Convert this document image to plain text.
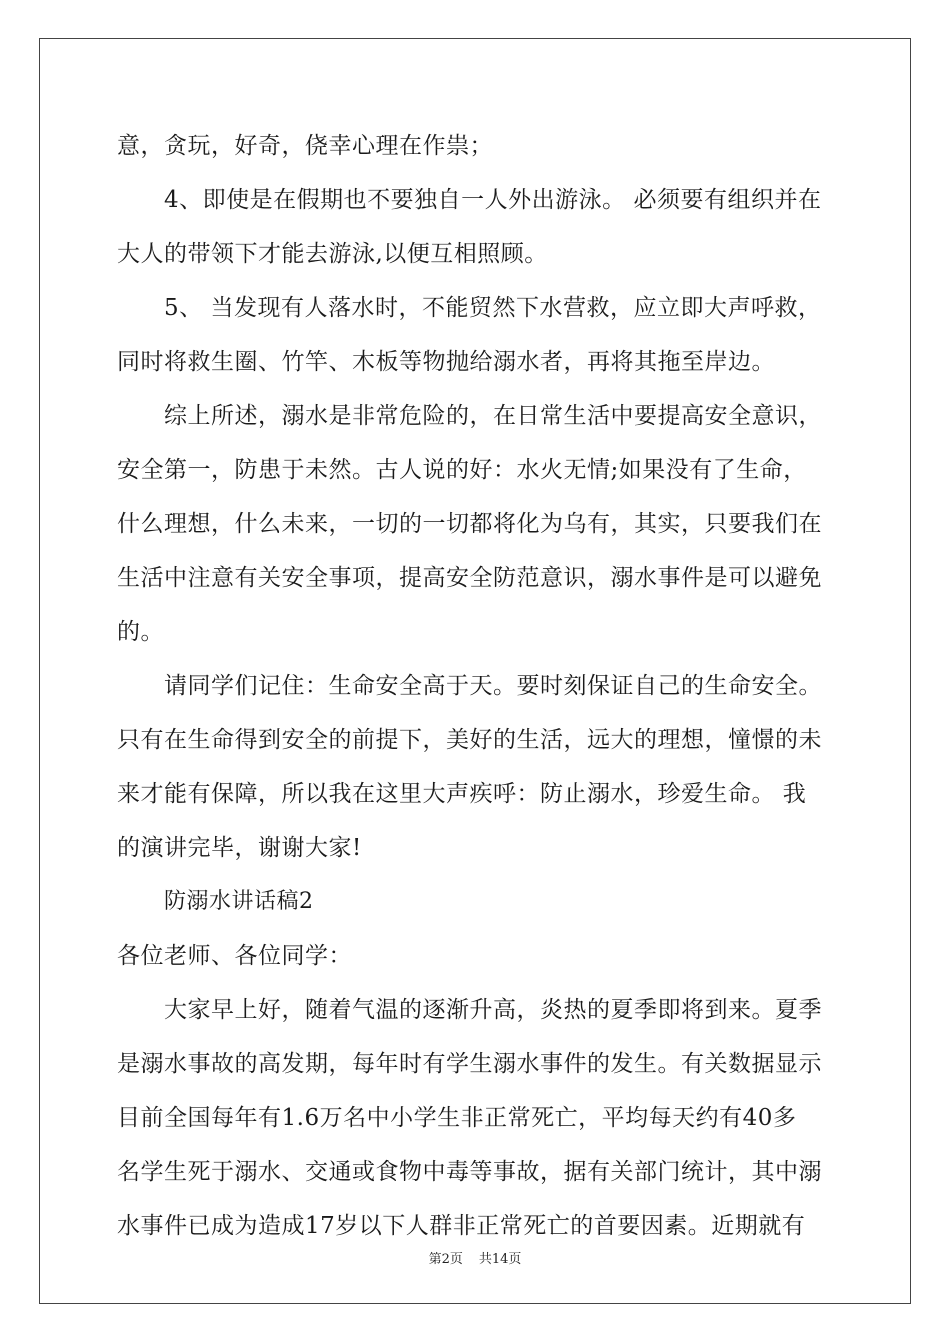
意，贪玩，好奇，侥幸心理在作祟；
4、即使是在假期也不要独自一人外出游泳。 必须要有组织并在
大人的带领下才能去游泳,以便互相照顾。
5、 当发现有人落水时，不能贸然下水营救，应立即大声呼救，
同时将救生圈、竹竿、木板等物抛给溺水者，再将其拖至岸边。
综上所述，溺水是非常危险的，在日常生活中要提高安全意识，
安全第一，防患于未然。古人说的好：水火无情;如果没有了生命，
什么理想，什么未来，一切的一切都将化为乌有，其实，只要我们在
生活中注意有关安全事项，提高安全防范意识，溺水事件是可以避免
的。
请同学们记住：生命安全高于天。要时刻保证自己的生命安全。
只有在生命得到安全的前提下，美好的生活，远大的理想，憧憬的未
来才能有保障，所以我在这里大声疾呼：防止溺水，珍爱生命。 我
的演讲完毕，谢谢大家!
防溺水讲话稿2
各位老师、各位同学：
大家早上好，随着气温的逐渐升高，炎热的夏季即将到来。夏季
是溺水事故的高发期，每年时有学生溺水事件的发生。有关数据显示
目前全国每年有1.6万名中小学生非正常死亡，平均每天约有40多
名学生死于溺水、交通或食物中毒等事故，据有关部门统计，其中溺
水事件已成为造成17岁以下人群非正常死亡的首要因素。近期就有
第2页 共14页
